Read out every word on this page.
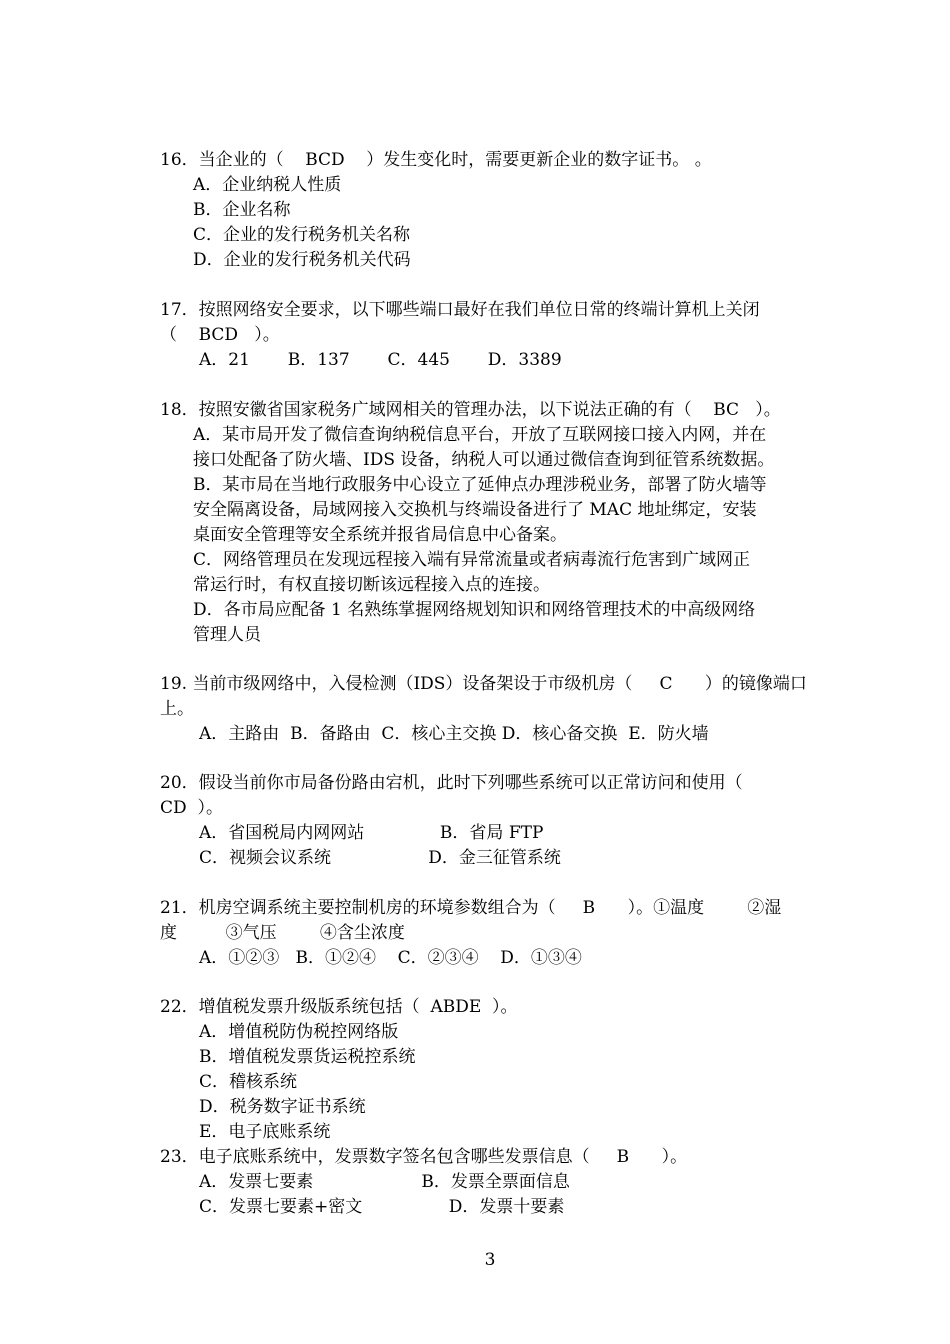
16．当企业的（    BCD    ）发生变化时，需要更新企业的数字证书。 。
A．企业纳税人性质
B．企业名称
C．企业的发行税务机关名称
D．企业的发行税务机关代码
17．按照网络安全要求，以下哪些端口最好在我们单位日常的终端计算机上关闭
（    BCD   ）。
A．21       B．137       C．445       D．3389
18．按照安徽省国家税务广域网相关的管理办法，以下说法正确的有（    BC   ）。
A．某市局开发了微信查询纳税信息平台，开放了互联网接口接入内网，并在
接口处配备了防火墙、IDS 设备，纳税人可以通过微信查询到征管系统数据。
B．某市局在当地行政服务中心设立了延伸点办理涉税业务，部署了防火墙等
安全隔离设备，局域网接入交换机与终端设备进行了 MAC 地址绑定，安装
桌面安全管理等安全系统并报省局信息中心备案。
C．网络管理员在发现远程接入端有异常流量或者病毒流行危害到广域网正
常运行时，有权直接切断该远程接入点的连接。
D．各市局应配备 1 名熟练掌握网络规划知识和网络管理技术的中高级网络
管理人员
19. 当前市级网络中，入侵检测（IDS）设备架设于市级机房（     C      ）的镜像端口
上。
A．主路由  B．备路由  C．核心主交换 D．核心备交换  E．防火墙
20．假设当前你市局备份路由宕机，此时下列哪些系统可以正常访问和使用（
CD  ）。
A．省国税局内网网站              B．省局 FTP
C．视频会议系统                  D．金三征管系统
21．机房空调系统主要控制机房的环境参数组合为（     B      ）。①温度        ②湿
度         ③气压        ④含尘浓度
A．①②③   B．①②④    C．②③④    D．①③④
22．增值税发票升级版系统包括（  ABDE  ）。
A．增值税防伪税控网络版
B．增值税发票货运税控系统
C．稽核系统
D．税务数字证书系统
E．电子底账系统
23．电子底账系统中，发票数字签名包含哪些发票信息（     B      ）。
A．发票七要素                    B．发票全票面信息
C．发票七要素+密文                D．发票十要素
3
